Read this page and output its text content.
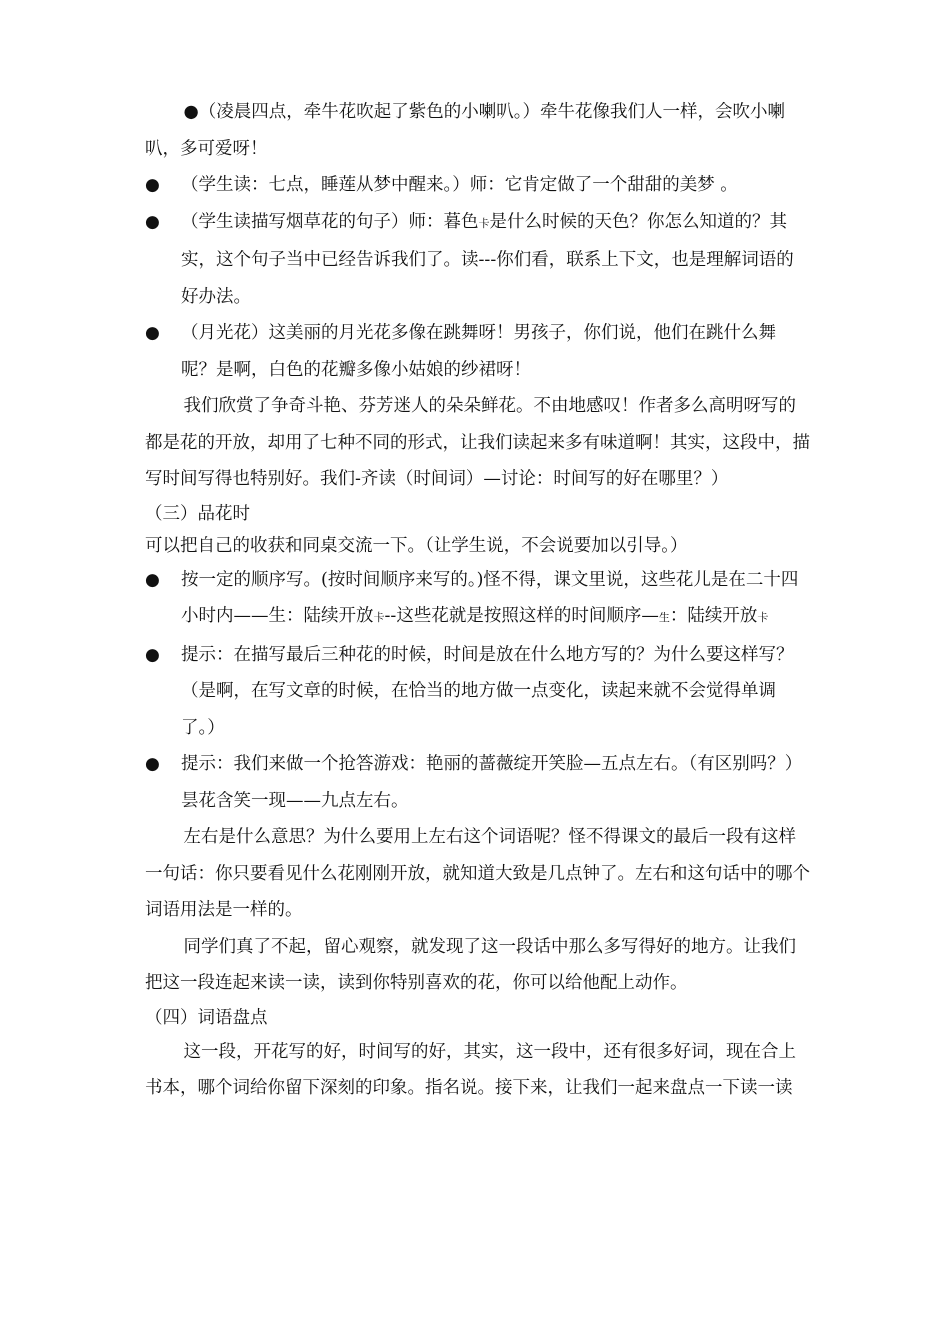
●（凌晨四点，牵牛花吹起了紫色的小喇叭。）牵牛花像我们人一样，会吹小喇叭，多可爱呀！

● （学生读：七点，睡莲从梦中醒来。）师：它肯定做了一个甜甜的美梦 。

● （学生读描写烟草花的句子）师：暮色卡是什么时候的天色？你怎么知道的？其实，这个句子当中已经告诉我们了。读---你们看，联系上下文，也是理解词语的好办法。

● （月光花）这美丽的月光花多像在跳舞呀！男孩子，你们说，他们在跳什么舞呢？是啊，白色的花瓣多像小姑娘的纱裙呀！

我们欣赏了争奇斗艳、芬芳迷人的朵朵鲜花。不由地感叹！作者多么高明呀写的都是花的开放，却用了七种不同的形式，让我们读起来多有味道啊！其实，这段中，描写时间写得也特别好。我们-齐读（时间词）—讨论：时间写的好在哪里？）

（三）品花时

可以把自己的收获和同桌交流一下。（让学生说，不会说要加以引导。）

● 按一定的顺序写。(按时间顺序来写的。)怪不得，课文里说，这些花儿是在二十四小时内——生：陆续开放卡--这些花就是按照这样的时间顺序—生：陆续开放卡

● 提示：在描写最后三种花的时候，时间是放在什么地方写的？为什么要这样写？（是啊，在写文章的时候，在恰当的地方做一点变化，读起来就不会觉得单调了。）

● 提示：我们来做一个抢答游戏：艳丽的蔷薇绽开笑脸—五点左右。（有区别吗？）昙花含笑一现——九点左右。

左右是什么意思？为什么要用上左右这个词语呢？怪不得课文的最后一段有这样一句话：你只要看见什么花刚刚开放，就知道大致是几点钟了。左右和这句话中的哪个词语用法是一样的。

同学们真了不起，留心观察，就发现了这一段话中那么多写得好的地方。让我们把这一段连起来读一读，读到你特别喜欢的花，你可以给他配上动作。

（四）词语盘点

这一段，开花写的好，时间写的好，其实，这一段中，还有很多好词，现在合上书本，哪个词给你留下深刻的印象。指名说。接下来，让我们一起来盘点一下读一读
